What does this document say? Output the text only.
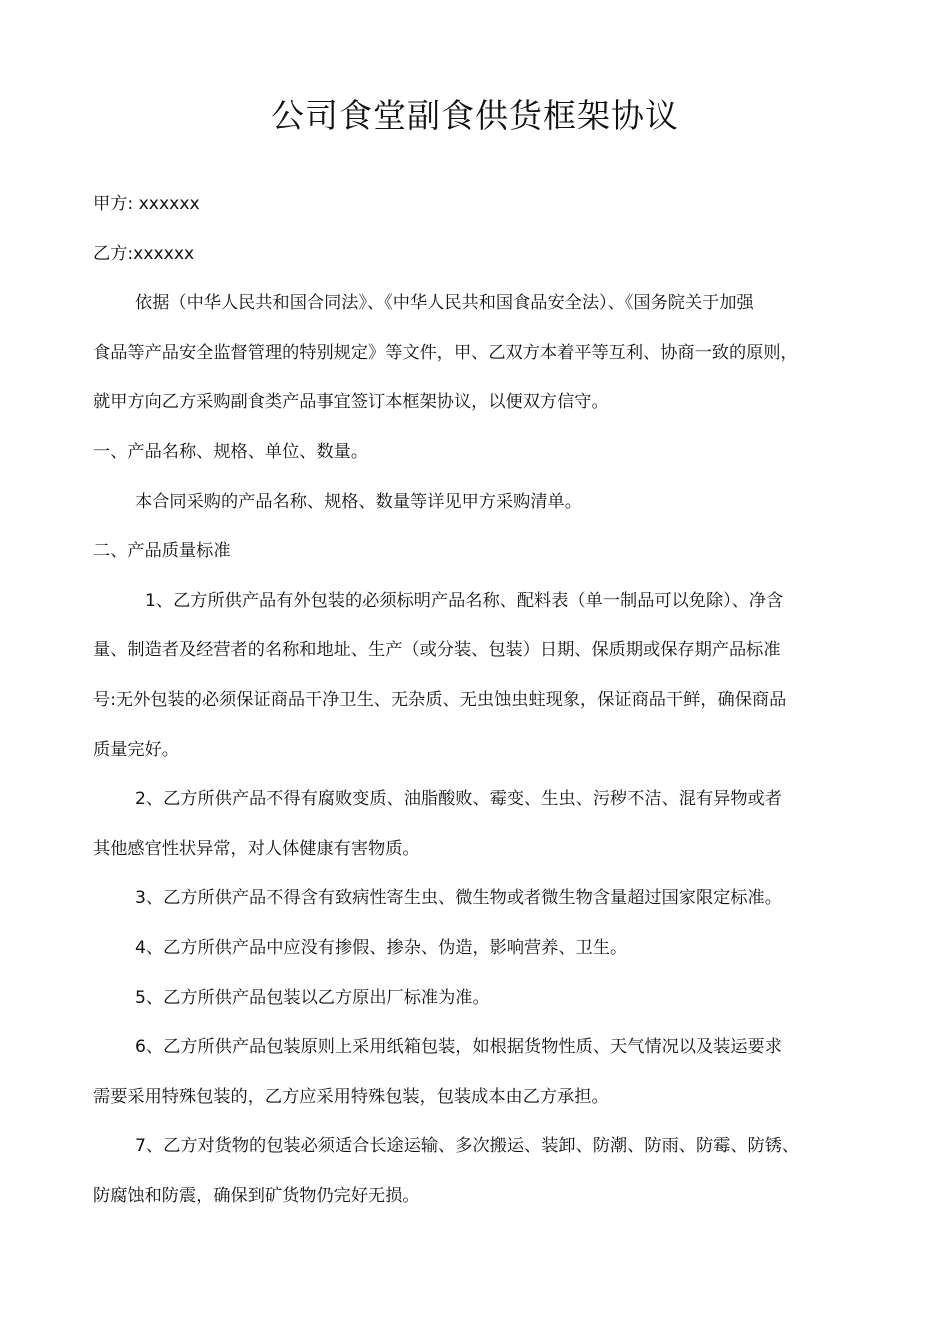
公司食堂副食供货框架协议

甲方: xxxxxx

乙方:xxxxxx

依据（中华人民共和国合同法》、《中华人民共和国食品安全法）、《国务院关于加强

食品等产品安全监督管理的特别规定》等文件，甲、乙双方本着平等互利、协商一致的原则，

就甲方向乙方采购副食类产品事宜签订本框架协议，以便双方信守。

一、产品名称、规格、单位、数量。

本合同采购的产品名称、规格、数量等详见甲方采购清单。

二、产品质量标准

1、乙方所供产品有外包装的必须标明产品名称、配料表（单一制品可以免除）、净含

量、制造者及经营者的名称和地址、生产（或分装、包装）日期、保质期或保存期产品标准

号:无外包装的必须保证商品干净卫生、无杂质、无虫蚀虫蛀现象，保证商品干鲜，确保商品

质量完好。

2、乙方所供产品不得有腐败变质、油脂酸败、霉变、生虫、污秽不洁、混有异物或者

其他感官性状异常，对人体健康有害物质。

3、乙方所供产品不得含有致病性寄生虫、微生物或者微生物含量超过国家限定标准。

4、乙方所供产品中应没有掺假、掺杂、伪造，影响营养、卫生。

5、乙方所供产品包装以乙方原出厂标准为准。

6、乙方所供产品包装原则上采用纸箱包装，如根据货物性质、天气情况以及装运要求

需要采用特殊包装的，乙方应采用特殊包装，包装成本由乙方承担。

7、乙方对货物的包装必须适合长途运输、多次搬运、装卸、防潮、防雨、防霉、防锈、

防腐蚀和防震，确保到矿货物仍完好无损。
